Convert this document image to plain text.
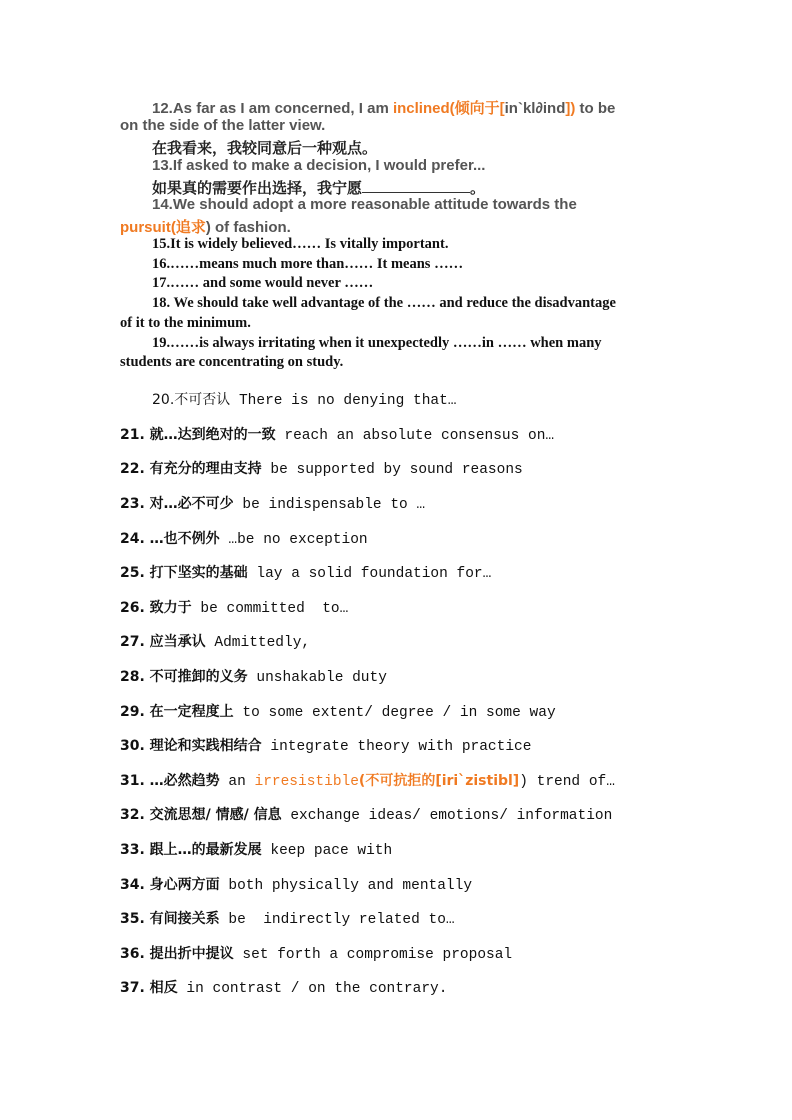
12.As far as I am concerned, I am inclined(倾向于[in`kl∂ind]) to be
on the side of the latter view.
在我看来，我较同意后一种观点。
13.If asked to make a decision, I would prefer...
如果真的需要作出选择，我宁愿	。
14.We should adopt a more reasonable attitude towards the
pursuit(追求) of fashion.
15.It is widely believed…… Is vitally important.
16.……means much more than…… It means ……
17.…… and some would never ……
18. We should take well advantage of the …… and reduce the disadvantage
of it to the minimum.
19.……is always irritating when it unexpectedly ……in …… when many
students are concentrating on study.
20.不可否认 There is no denying that…
21. 就…达到绝对的一致 reach an absolute consensus on…
22. 有充分的理由支持 be supported by sound reasons
23. 对…必不可少 be indispensable to …
24. …也不例外 …be no exception
25. 打下坚实的基础 lay a solid foundation for…
26. 致力于 be committed  to…
27. 应当承认 Admittedly,
28. 不可推卸的义务 unshakable duty
29. 在一定程度上 to some extent/ degree / in some way
30. 理论和实践相结合 integrate theory with practice
31. …必然趋势 an irresistible(不可抗拒的[iri`zistibl]) trend of…
32. 交流思想/ 情感/ 信息 exchange ideas/ emotions/ information
33. 跟上…的最新发展 keep pace with
34. 身心两方面 both physically and mentally
35. 有间接关系 be  indirectly related to…
36. 提出折中提议 set forth a compromise proposal
37. 相反 in contrast / on the contrary.
